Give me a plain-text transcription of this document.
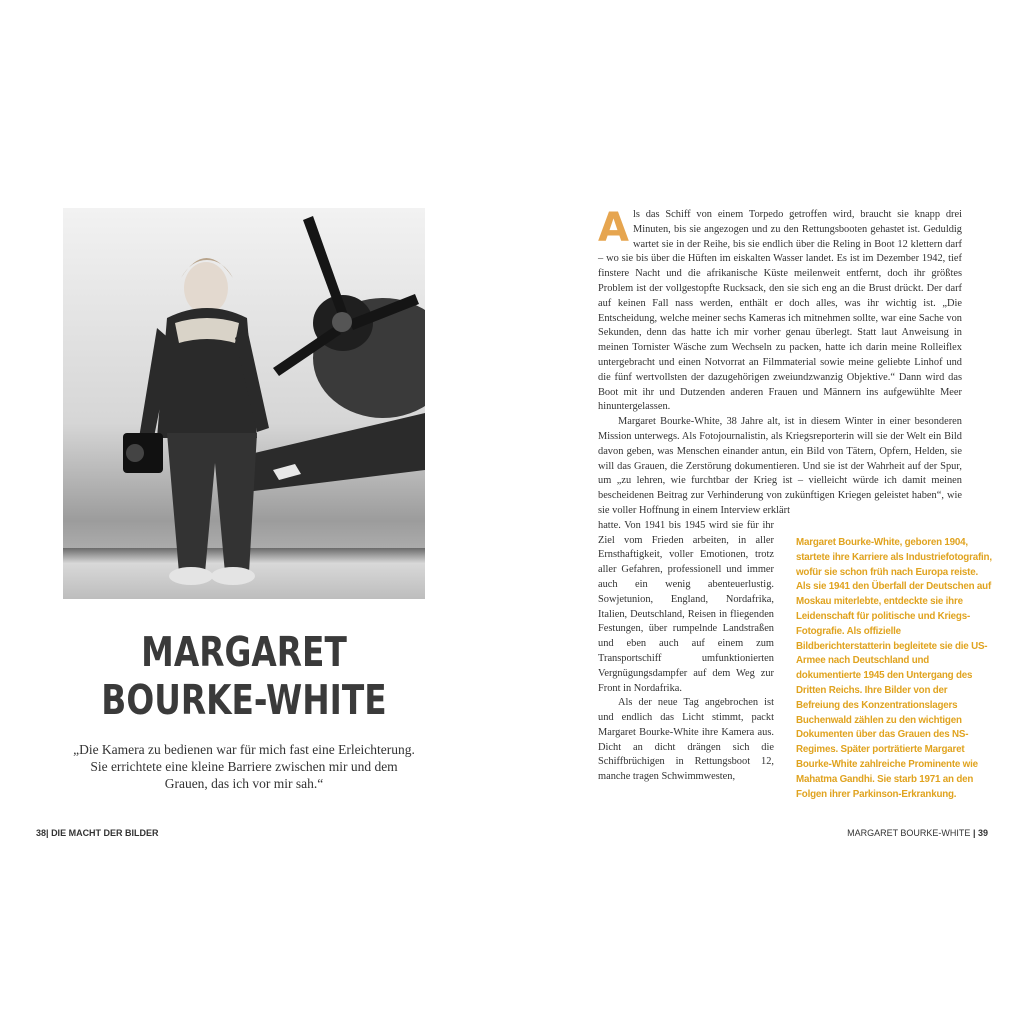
MARGARET
BOURKE-WHITE
„Die Kamera zu bedienen war für mich fast eine Erleichterung. Sie errichtete eine kleine Barriere zwischen mir und dem Grauen, das ich vor mir sah.“

Als das Schiff von einem Torpedo getroffen wird, braucht sie knapp drei Minuten, bis sie angezogen und zu den Rettungsbooten gehastet ist. Geduldig wartet sie in der Reihe, bis sie endlich über die Reling in Boot 12 klettern darf – wo sie bis über die Hüften im eiskalten Wasser landet. Es ist im Dezember 1942, tief finstere Nacht und die afrikanische Küste meilenweit entfernt, doch ihr größtes Problem ist der vollgestopfte Rucksack, den sie sich eng an die Brust drückt. Der darf auf keinen Fall nass werden, enthält er doch alles, was ihr wichtig ist. „Die Entscheidung, welche meiner sechs Kameras ich mitnehmen sollte, war eine Sache von Sekunden, denn das hatte ich mir vorher genau überlegt. Statt laut Anweisung in meinen Tornister Wäsche zum Wechseln zu packen, hatte ich darin meine Rolleiflex untergebracht und einen Notvorrat an Filmmaterial sowie meine geliebte Linhof und die fünf wertvollsten der dazugehörigen zweiundzwanzig Objektive.“ Dann wird das Boot mit ihr und Dutzenden anderen Frauen und Männern ins aufgewühlte Meer hinuntergelassen.

Margaret Bourke-White, 38 Jahre alt, ist in diesem Winter in einer besonderen Mission unterwegs. Als Fotojournalistin, als Kriegsreporterin will sie der Welt ein Bild davon geben, was Menschen einander antun, ein Bild von Tätern, Opfern, Helden, sie will das Grauen, die Zerstörung dokumentieren. Und sie ist der Wahrheit auf der Spur, um „zu lehren, wie furchtbar der Krieg ist – vielleicht würde ich damit meinen bescheidenen Beitrag zur Verhinderung von zukünftigen Kriegen geleistet haben“, wie sie voller Hoffnung in einem Interview erklärt

hatte. Von 1941 bis 1945 wird sie für ihr Ziel vom Frieden arbeiten, in aller Ernsthaftigkeit, voller Emotionen, trotz aller Gefahren, professionell und immer auch ein wenig abenteuerlustig. Sowjetunion, England, Nordafrika, Italien, Deutschland, Reisen in fliegenden Festungen, über rumpelnde Landstraßen und eben auch auf einem zum Transportschiff umfunktionierten Vergnügungsdampfer auf dem Weg zur Front in Nordafrika.

Als der neue Tag angebrochen ist und endlich das Licht stimmt, packt Margaret Bourke-White ihre Kamera aus. Dicht an dicht drängen sich die Schiffbrüchigen in Rettungsboot 12, manche tragen Schwimmwesten,

Margaret Bourke-White, geboren 1904, startete ihre Karriere als Industriefotografin, wofür sie schon früh nach Europa reiste. Als sie 1941 den Überfall der Deutschen auf Moskau miterlebte, entdeckte sie ihre Leidenschaft für politische und Kriegs-Fotografie. Als offizielle Bildberichterstatterin begleitete sie die US-Armee nach Deutschland und dokumentierte 1945 den Untergang des Dritten Reichs. Ihre Bilder von der Befreiung des Konzentrationslagers Buchenwald zählen zu den wichtigen Dokumenten über das Grauen des NS-Regimes. Später porträtierte Margaret Bourke-White zahlreiche Prominente wie Mahatma Gandhi. Sie starb 1971 an den Folgen ihrer Parkinson-Erkrankung.
38| DIE MACHT DER BILDER	MARGARET BOURKE-WHITE | 39
